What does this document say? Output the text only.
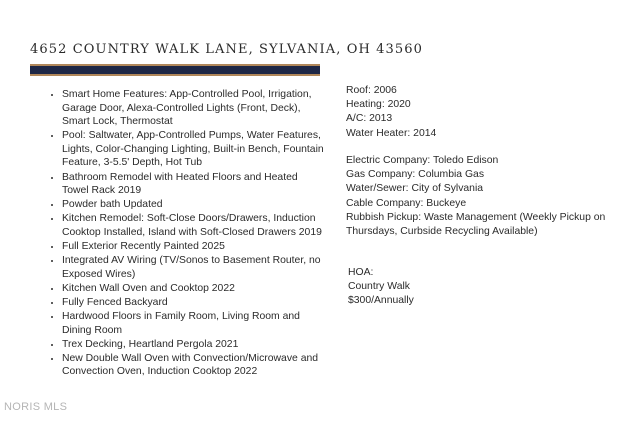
4652 COUNTRY WALK LANE, SYLVANIA, OH 43560
• Smart Home Features: App-Controlled Pool, Irrigation, Garage Door, Alexa-Controlled Lights (Front, Deck), Smart Lock, Thermostat
• Pool: Saltwater, App-Controlled Pumps, Water Features, Lights, Color-Changing Lighting, Built-in Bench, Fountain Feature, 3-5.5' Depth, Hot Tub
• Bathroom Remodel with Heated Floors and Heated Towel Rack 2019
• Powder bath Updated
• Kitchen Remodel: Soft-Close Doors/Drawers, Induction Cooktop Installed, Island with Soft-Closed Drawers 2019
• Full Exterior Recently Painted 2025
• Integrated AV Wiring (TV/Sonos to Basement Router, no Exposed Wires)
• Kitchen Wall Oven and Cooktop 2022
• Fully Fenced Backyard
• Hardwood Floors in Family Room, Living Room and Dining Room
• Trex Decking, Heartland Pergola 2021
• New Double Wall Oven with Convection/Microwave and Convection Oven, Induction Cooktop 2022
Roof: 2006
Heating: 2020
A/C: 2013
Water Heater: 2014
Electric Company: Toledo Edison
Gas Company: Columbia Gas
Water/Sewer: City of Sylvania
Cable Company: Buckeye
Rubbish Pickup: Waste Management (Weekly Pickup on Thursdays, Curbside Recycling Available)
HOA:
Country Walk
$300/Annually
NORIS MLS
